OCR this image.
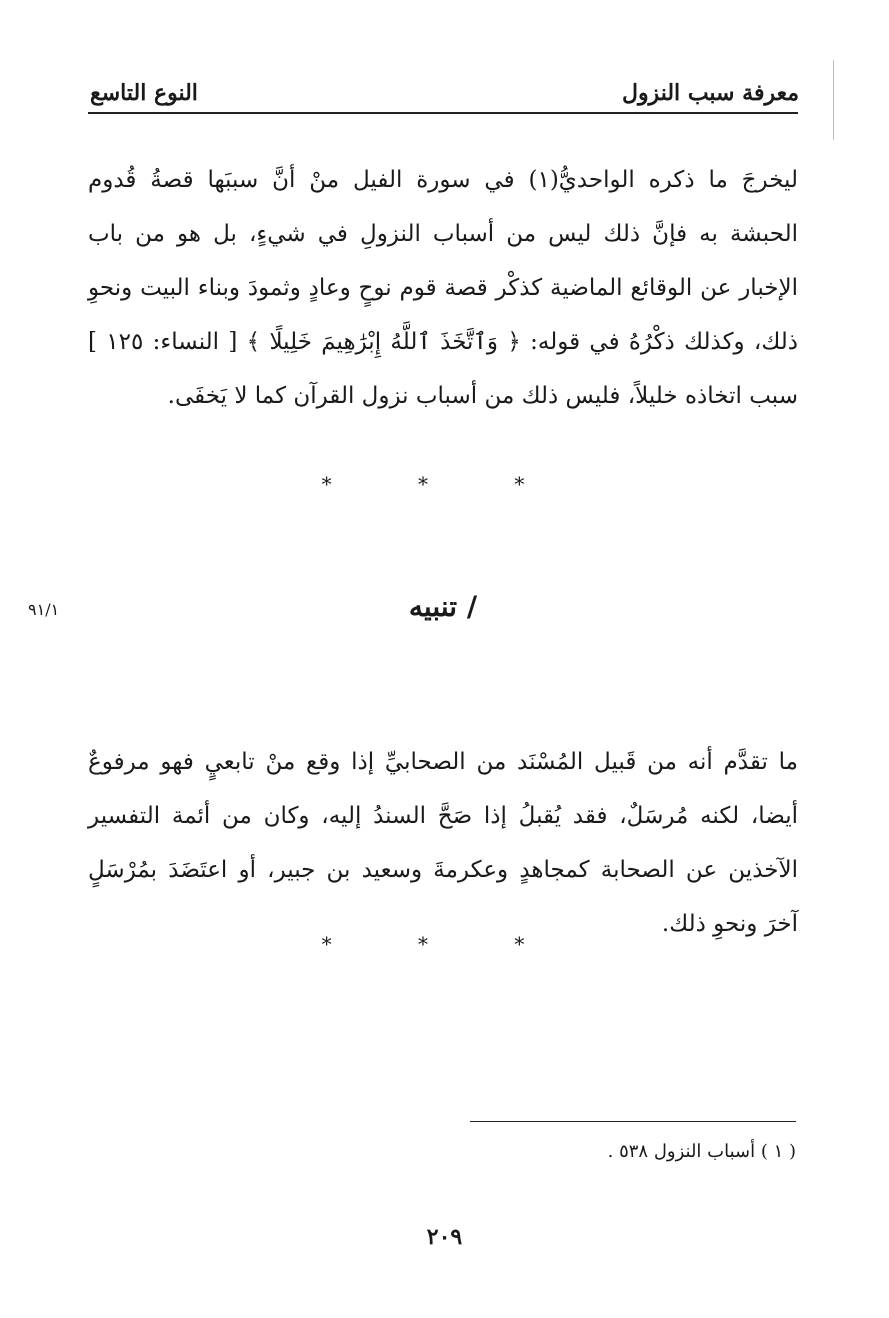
النوع التاسع	معرفة سبب النزول

ليخرجَ ما ذكره الواحديُّ(١) في سورة الفيل منْ أنَّ سببَها قصةُ قُدوم الحبشة به فإنَّ ذلك ليس من أسباب النزولِ في شيءٍ، بل هو من باب الإخبار عن الوقائع الماضية كذكْر قصة قوم نوحٍ وعادٍ وثمودَ وبناء البيت ونحوِ ذلك، وكذلك ذكْرُهُ في قوله: ﴿ وَٱتَّخَذَ ٱللَّهُ إِبْرَٰهِيمَ خَلِيلًا ﴾ [ النساء: ١٢٥ ] سبب اتخاذه خليلاً، فليس ذلك من أسباب نزول القرآن كما لا يَخفَى.

* * *
٩١/١	/ تنبيه

ما تقدَّم أنه من قَبيل المُسْنَد من الصحابيِّ إذا وقع منْ تابعيٍ فهو مرفوعٌ أيضا، لكنه مُرسَلٌ، فقد يُقبلُ إذا صَحَّ السندُ إليه، وكان من أئمة التفسير الآخذين عن الصحابة كمجاهدٍ وعكرمةَ وسعيد بن جبير، أو اعتَضَدَ بمُرْسَلٍ آخرَ ونحوِ ذلك.

* * *
( ١ ) أسباب النزول ٥٣٨ .
٢٠٩
